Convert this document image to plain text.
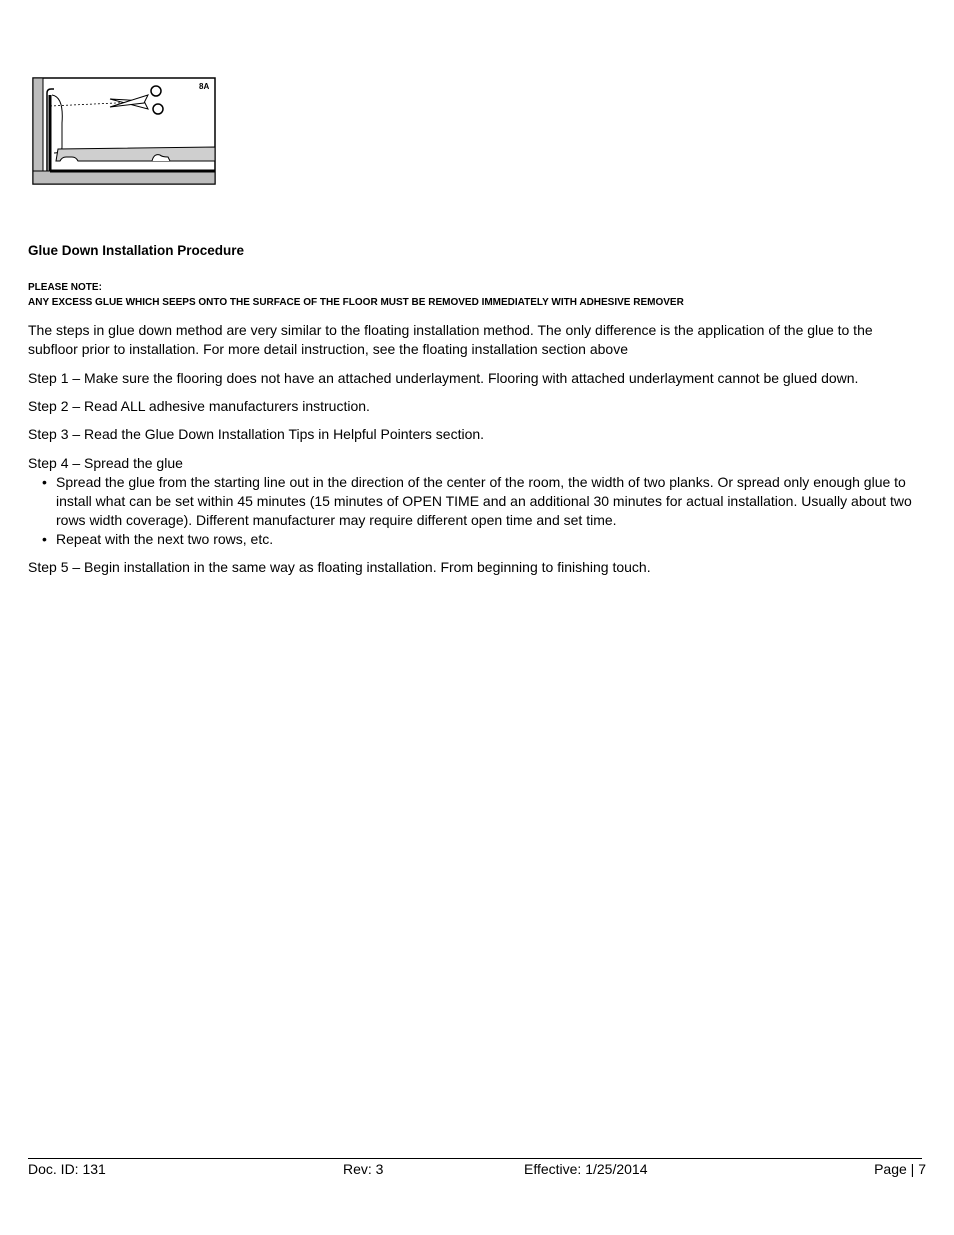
8A
Glue Down Installation Procedure
PLEASE NOTE:
ANY EXCESS GLUE WHICH SEEPS ONTO THE SURFACE OF THE FLOOR MUST BE REMOVED IMMEDIATELY WITH ADHESIVE REMOVER
The steps in glue down method are very similar to the floating installation method. The only difference is the application of the glue to the subfloor prior to installation. For more detail instruction, see the floating installation section above
Step 1 – Make sure the flooring does not have an attached underlayment. Flooring with attached underlayment cannot be glued down.
Step 2 – Read ALL adhesive manufacturers instruction.
Step 3 – Read the Glue Down Installation Tips in Helpful Pointers section.
Step 4 – Spread the glue
• Spread the glue from the starting line out in the direction of the center of the room, the width of two planks. Or spread only enough glue to install what can be set within 45 minutes (15 minutes of OPEN TIME and an additional 30 minutes for actual installation. Usually about two rows width coverage). Different manufacturer may require different open time and set time.
• Repeat with the next two rows, etc.
Step 5 – Begin installation in the same way as floating installation. From beginning to finishing touch.
Doc. ID: 131	Rev: 3	Effective: 1/25/2014	Page | 7
